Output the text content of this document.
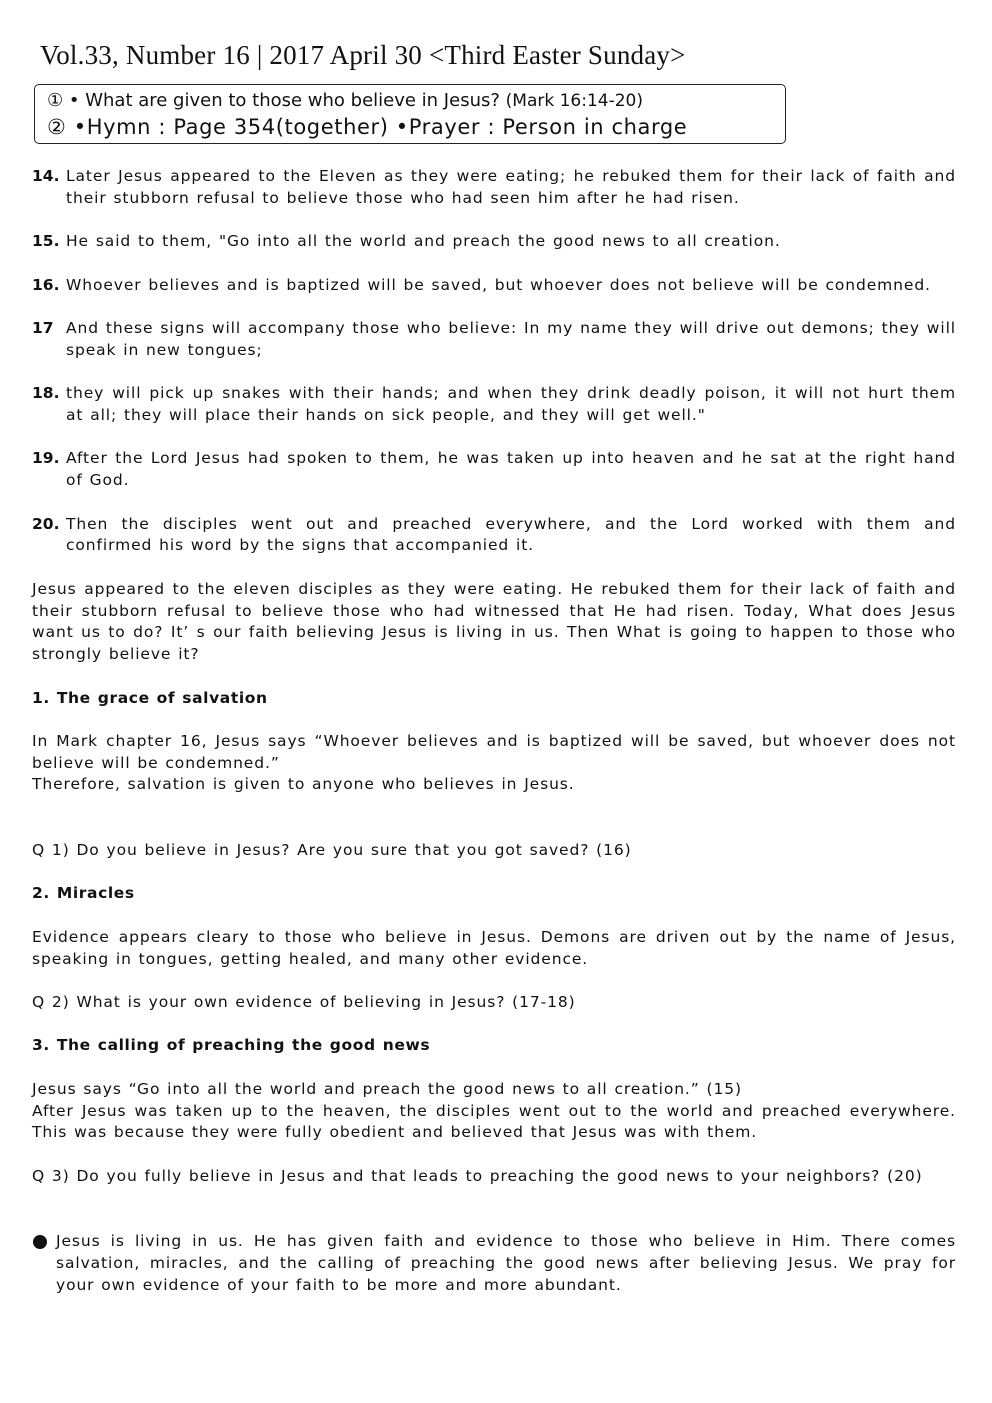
Vol.33, Number 16 | 2017 April 30 <Third Easter Sunday>
① • What are given to those who believe in Jesus? (Mark 16:14-20)
② •Hymn : Page 354(together) •Prayer : Person in charge

14. Later Jesus appeared to the Eleven as they were eating; he rebuked them for their lack of faith and their stubborn refusal to believe those who had seen him after he had risen.

15. He said to them, "Go into all the world and preach the good news to all creation.

16. Whoever believes and is baptized will be saved, but whoever does not believe will be condemned.

17 And these signs will accompany those who believe: In my name they will drive out demons; they will speak in new tongues;

18. they will pick up snakes with their hands; and when they drink deadly poison, it will not hurt them at all; they will place their hands on sick people, and they will get well."

19. After the Lord Jesus had spoken to them, he was taken up into heaven and he sat at the right hand of God.

20. Then the disciples went out and preached everywhere, and the Lord worked with them and confirmed his word by the signs that accompanied it.

Jesus appeared to the eleven disciples as they were eating. He rebuked them for their lack of faith and their stubborn refusal to believe those who had witnessed that He had risen. Today, What does Jesus want us to do? It’ s our faith believing Jesus is living in us. Then What is going to happen to those who strongly believe it?

1. The grace of salvation

In Mark chapter 16, Jesus says “Whoever believes and is baptized will be saved, but whoever does not believe will be condemned.”
Therefore, salvation is given to anyone who believes in Jesus.

Q 1) Do you believe in Jesus? Are you sure that you got saved? (16)

2. Miracles

Evidence appears cleary to those who believe in Jesus. Demons are driven out by the name of Jesus, speaking in tongues, getting healed, and many other evidence.

Q 2) What is your own evidence of believing in Jesus? (17-18)

3. The calling of preaching the good news

Jesus says “Go into all the world and preach the good news to all creation.” (15)
After Jesus was taken up to the heaven, the disciples went out to the world and preached everywhere. This was because they were fully obedient and believed that Jesus was with them.

Q 3) Do you fully believe in Jesus and that leads to preaching the good news to your neighbors? (20)

Jesus is living in us. He has given faith and evidence to those who believe in Him. There comes salvation, miracles, and the calling of preaching the good news after believing Jesus. We pray for your own evidence of your faith to be more and more abundant.
